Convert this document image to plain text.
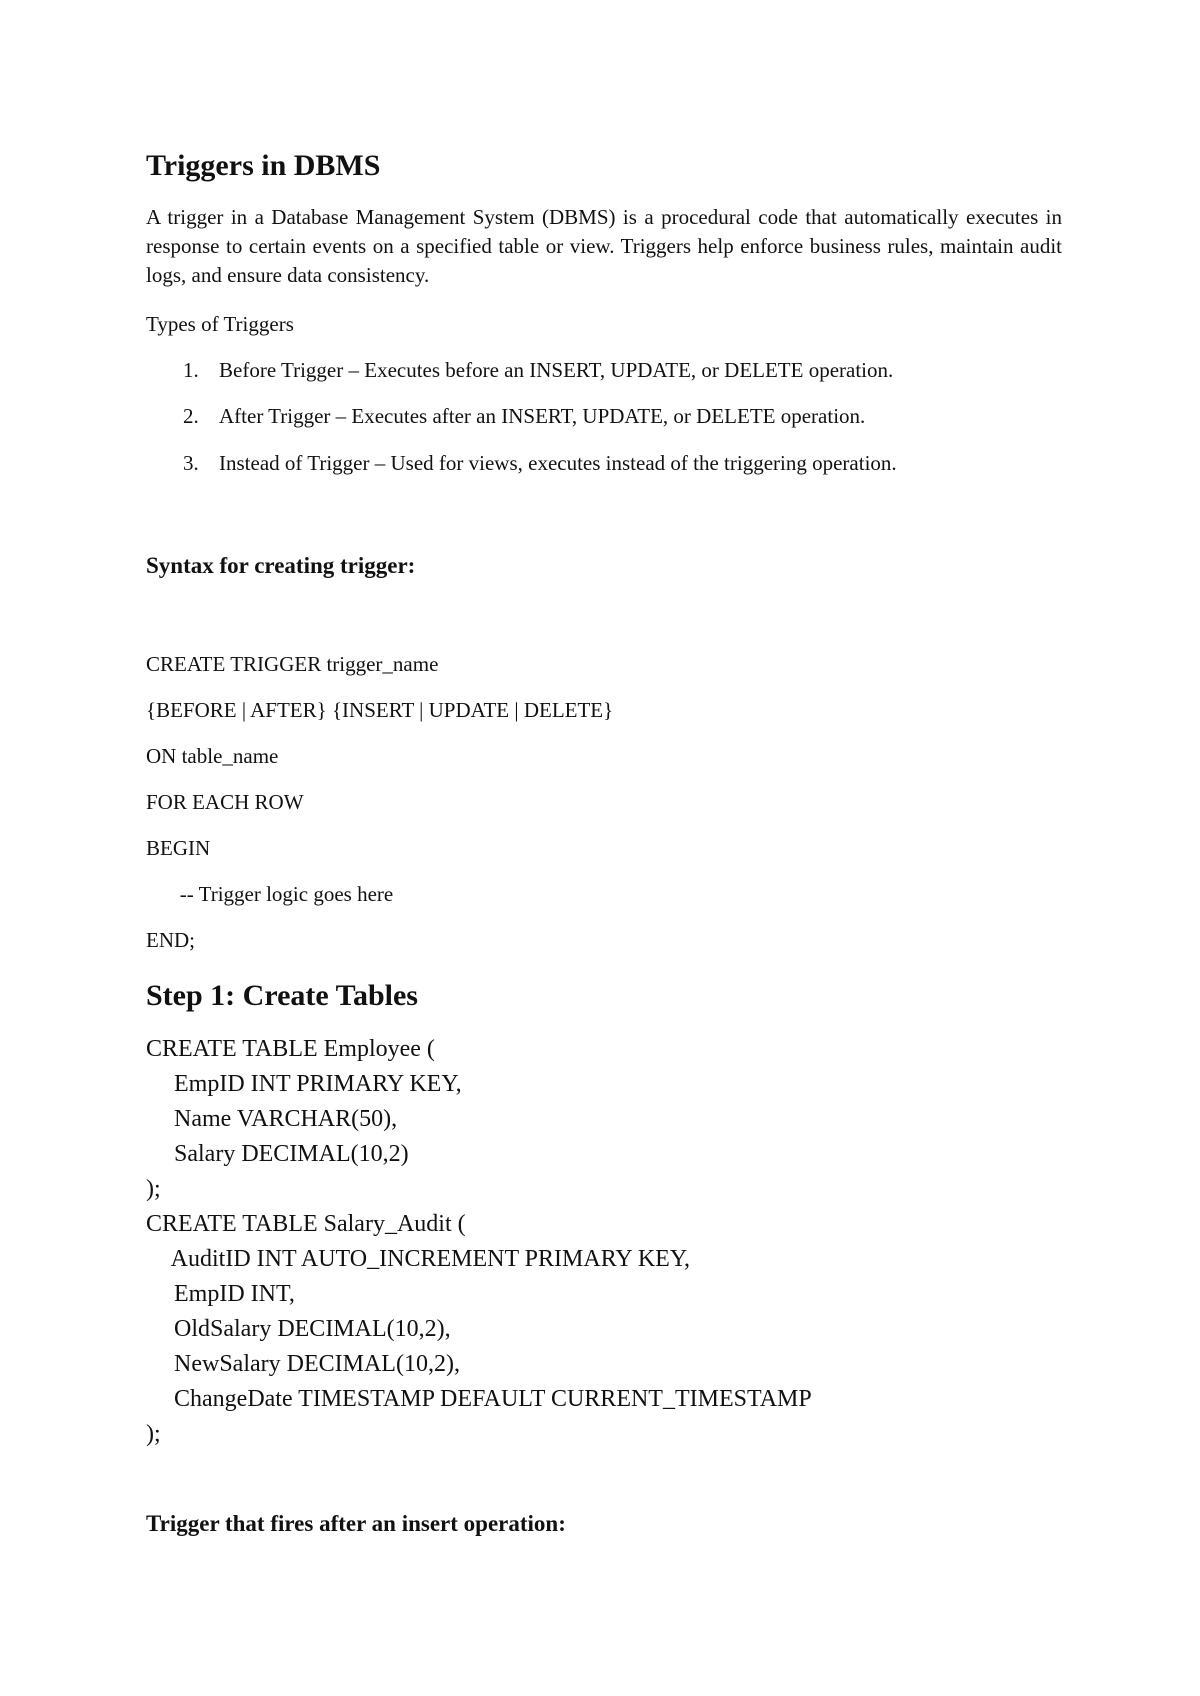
Triggers in DBMS

A trigger in a Database Management System (DBMS) is a procedural code that automatically executes in response to certain events on a specified table or view. Triggers help enforce business rules, maintain audit logs, and ensure data consistency.

Types of Triggers

1. Before Trigger – Executes before an INSERT, UPDATE, or DELETE operation.
2. After Trigger – Executes after an INSERT, UPDATE, or DELETE operation.
3. Instead of Trigger – Used for views, executes instead of the triggering operation.

Syntax for creating trigger:

CREATE TRIGGER trigger_name

{BEFORE | AFTER} {INSERT | UPDATE | DELETE}

ON table_name

FOR EACH ROW

BEGIN

-- Trigger logic goes here

END;

Step 1: Create Tables

CREATE TABLE Employee (

EmpID INT PRIMARY KEY,

Name VARCHAR(50),

Salary DECIMAL(10,2)

);

CREATE TABLE Salary_Audit (

AuditID INT AUTO_INCREMENT PRIMARY KEY,

EmpID INT,

OldSalary DECIMAL(10,2),

NewSalary DECIMAL(10,2),

ChangeDate TIMESTAMP DEFAULT CURRENT_TIMESTAMP

);

Trigger that fires after an insert operation:
